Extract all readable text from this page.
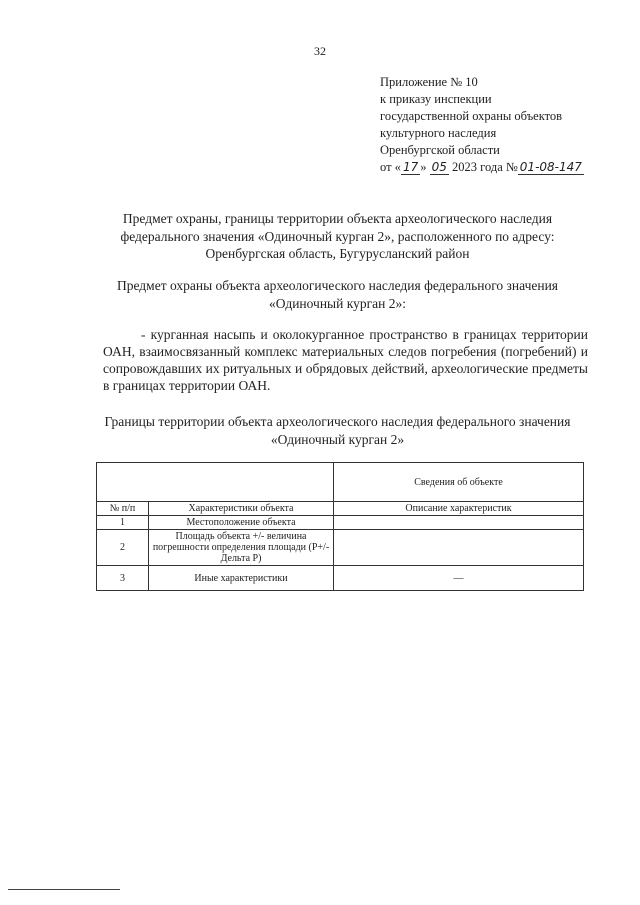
32
Приложение № 10
к приказу инспекции
государственной охраны объектов
культурного наследия
Оренбургской области
от « 17 » 05 2023 года № 01-08-147
Предмет охраны, границы территории объекта археологического наследия федерального значения «Одиночный курган 2», расположенного по адресу: Оренбургская область, Бугурусланский район
Предмет охраны объекта археологического наследия федерального значения «Одиночный курган 2»:
- курганная насыпь и околокурганное пространство в границах территории ОАН, взаимосвязанный комплекс материальных следов погребения (погребений) и сопровождавших их ритуальных и обрядовых действий, археологические предметы в границах территории ОАН.
Границы территории объекта археологического наследия федерального значения «Одиночный курган 2»
		Сведения об объекте
№ п/п	Характеристики объекта	Описание характеристик
1	Местоположение объекта	
2	Площадь объекта +/- величина погрешности определения площади (P+/- Дельта P)	
3	Иные характеристики	—
